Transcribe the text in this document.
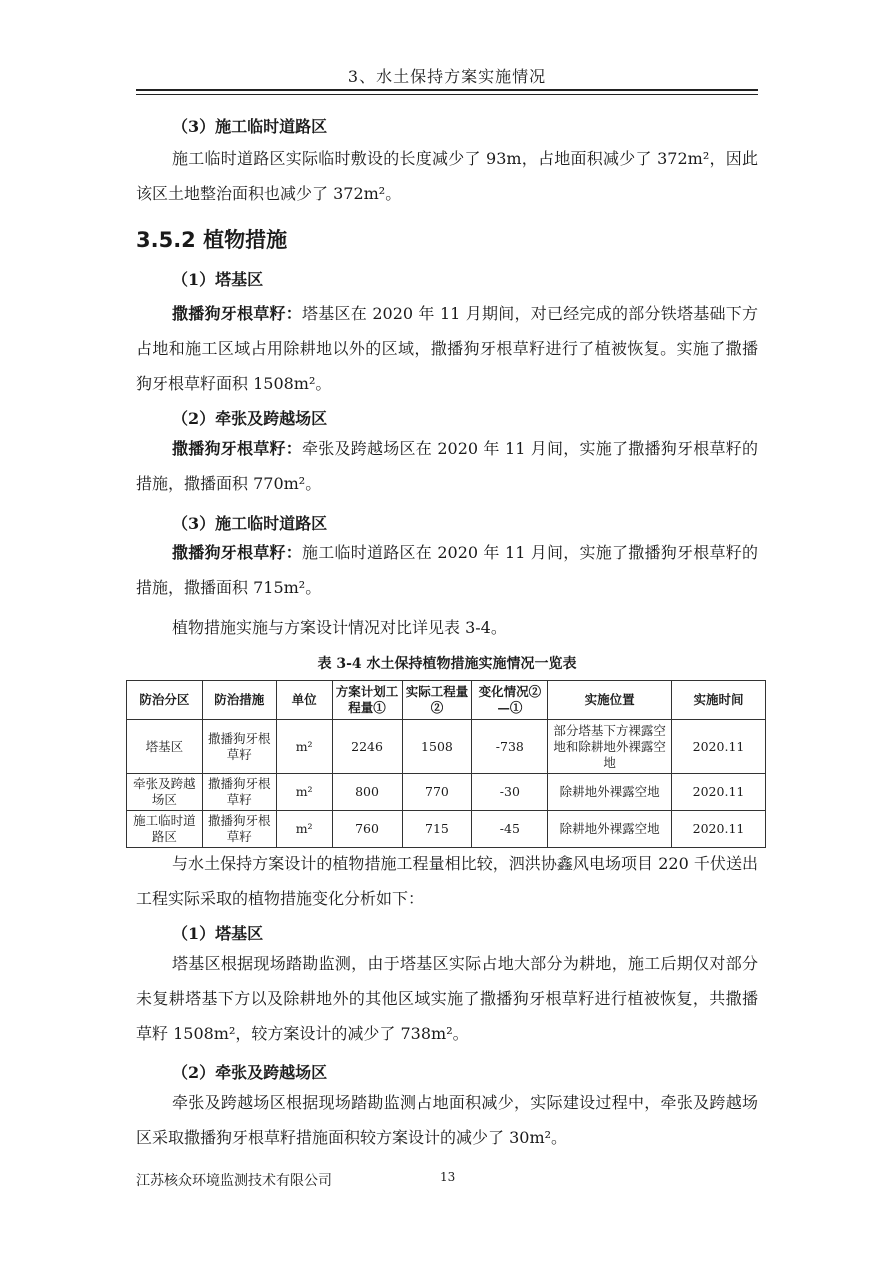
3、水土保持方案实施情况
（3）施工临时道路区
施工临时道路区实际临时敷设的长度减少了 93m，占地面积减少了 372m²，因此该区土地整治面积也减少了 372m²。
3.5.2 植物措施
（1）塔基区
撒播狗牙根草籽：塔基区在 2020 年 11 月期间，对已经完成的部分铁塔基础下方占地和施工区域占用除耕地以外的区域，撒播狗牙根草籽进行了植被恢复。实施了撒播狗牙根草籽面积 1508m²。
（2）牵张及跨越场区
撒播狗牙根草籽：牵张及跨越场区在 2020 年 11 月间，实施了撒播狗牙根草籽的措施，撒播面积 770m²。
（3）施工临时道路区
撒播狗牙根草籽：施工临时道路区在 2020 年 11 月间，实施了撒播狗牙根草籽的措施，撒播面积 715m²。
植物措施实施与方案设计情况对比详见表 3-4。
表 3-4 水土保持植物措施实施情况一览表
防治分区	防治措施	单位	方案计划工程量①	实际工程量②	变化情况②—①	实施位置	实施时间
塔基区	撒播狗牙根草籽	m²	2246	1508	-738	部分塔基下方裸露空地和除耕地外裸露空地	2020.11
牵张及跨越场区	撒播狗牙根草籽	m²	800	770	-30	除耕地外裸露空地	2020.11
施工临时道路区	撒播狗牙根草籽	m²	760	715	-45	除耕地外裸露空地	2020.11
与水土保持方案设计的植物措施工程量相比较，泗洪协鑫风电场项目 220 千伏送出工程实际采取的植物措施变化分析如下：
（1）塔基区
塔基区根据现场踏勘监测，由于塔基区实际占地大部分为耕地，施工后期仅对部分未复耕塔基下方以及除耕地外的其他区域实施了撒播狗牙根草籽进行植被恢复，共撒播草籽 1508m²，较方案设计的减少了 738m²。
（2）牵张及跨越场区
牵张及跨越场区根据现场踏勘监测占地面积减少，实际建设过程中，牵张及跨越场区采取撒播狗牙根草籽措施面积较方案设计的减少了 30m²。
江苏核众环境监测技术有限公司	13
